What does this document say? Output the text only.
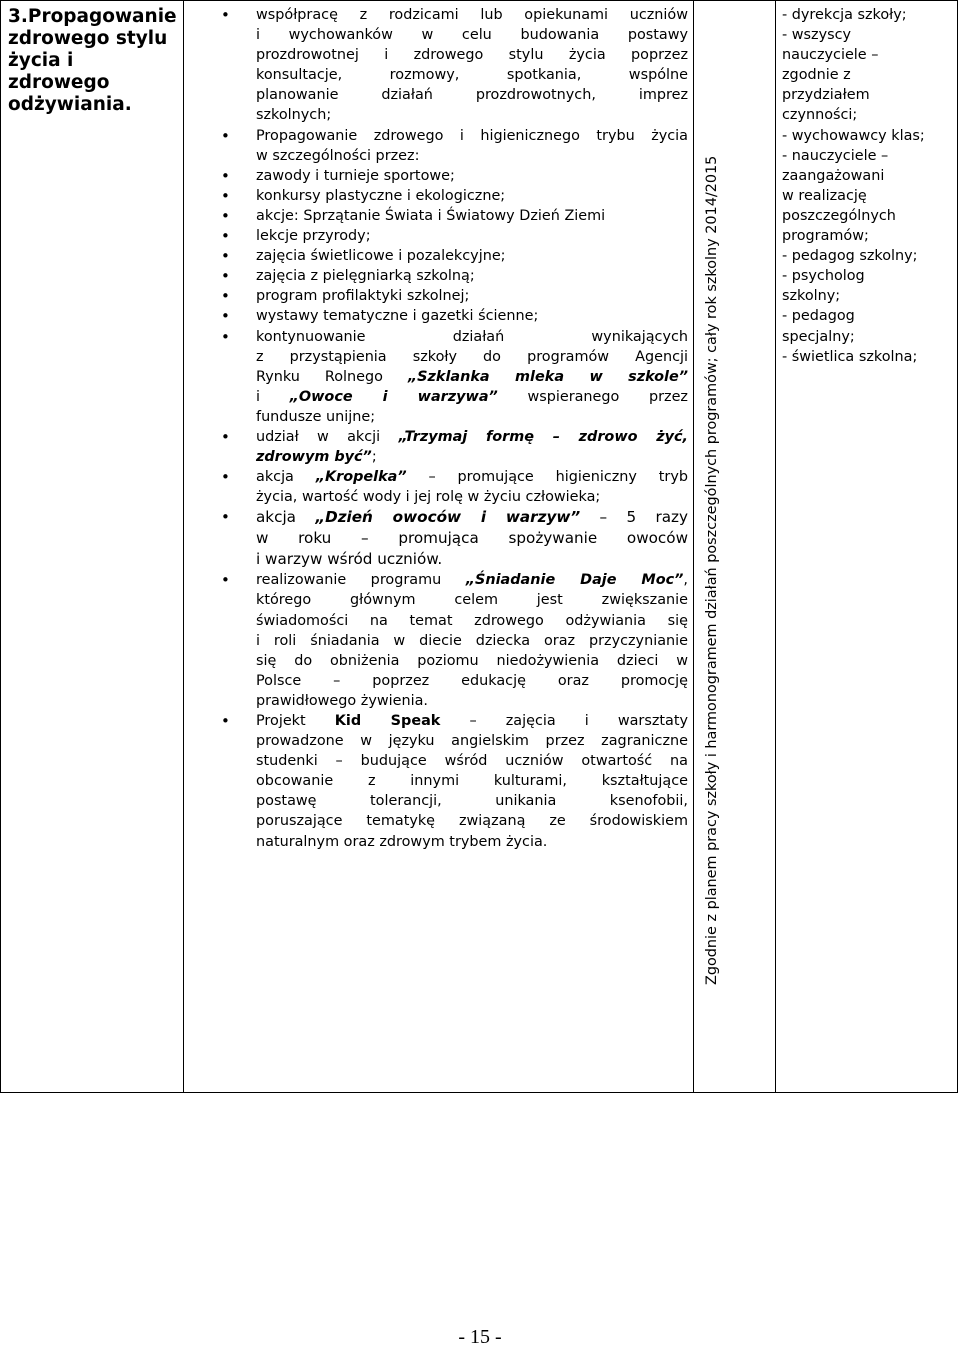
3.Propagowanie
zdrowego stylu
życia i
zdrowego
odżywiania.
• współpracę z rodzicami lub opiekunami uczniów
i wychowanków w celu budowania postawy
prozdrowotnej i zdrowego stylu życia poprzez
konsultacje, rozmowy, spotkania, wspólne
planowanie działań prozdrowotnych, imprez
szkolnych;
• Propagowanie zdrowego i higienicznego trybu życia
w szczególności przez:
• zawody i turnieje sportowe;
• konkursy plastyczne i ekologiczne;
• akcje: Sprzątanie Świata i Światowy Dzień Ziemi
• lekcje przyrody;
• zajęcia świetlicowe i pozalekcyjne;
• zajęcia z pielęgniarką szkolną;
• program profilaktyki szkolnej;
• wystawy tematyczne i gazetki ścienne;
• kontynuowanie działań wynikających
z przystąpienia szkoły do programów Agencji
Rynku Rolnego „Szklanka mleka w szkole”
i „Owoce i warzywa” wspieranego przez
fundusze unijne;
• udział w akcji „Trzymaj formę – zdrowo żyć,
zdrowym być”;
• akcja „Kropelka” – promujące higieniczny tryb
życia, wartość wody i jej rolę w życiu człowieka;
• akcja „Dzień owoców i warzyw” – 5 razy
w roku – promująca spożywanie owoców
i warzyw wśród uczniów.
• realizowanie programu „Śniadanie Daje Moc”,
którego głównym celem jest zwiększanie
świadomości na temat zdrowego odżywiania się
i roli śniadania w diecie dziecka oraz przyczynianie
się do obniżenia poziomu niedożywienia dzieci w
Polsce – poprzez edukację oraz promocję
prawidłowego żywienia.
• Projekt Kid Speak – zajęcia i warsztaty
prowadzone w języku angielskim przez zagraniczne
studenki – budujące wśród uczniów otwartość na
obcowanie z innymi kulturami, kształtujące
postawę tolerancji, unikania ksenofobii,
poruszające tematykę związaną ze środowiskiem
naturalnym oraz zdrowym trybem życia.	Zgodnie z planem pracy szkoły i harmonogramem działań poszczególnych programów; cały rok szkolny 2014/2015
- dyrekcja szkoły;
- wszyscy
nauczyciele –
zgodnie z
przydziałem
czynności;
- wychowawcy klas;
- nauczyciele –
zaangażowani
w realizację
poszczególnych
programów;
- pedagog szkolny;
- psycholog
szkolny;
- pedagog
specjalny;
- świetlica szkolna;
- 15 -
